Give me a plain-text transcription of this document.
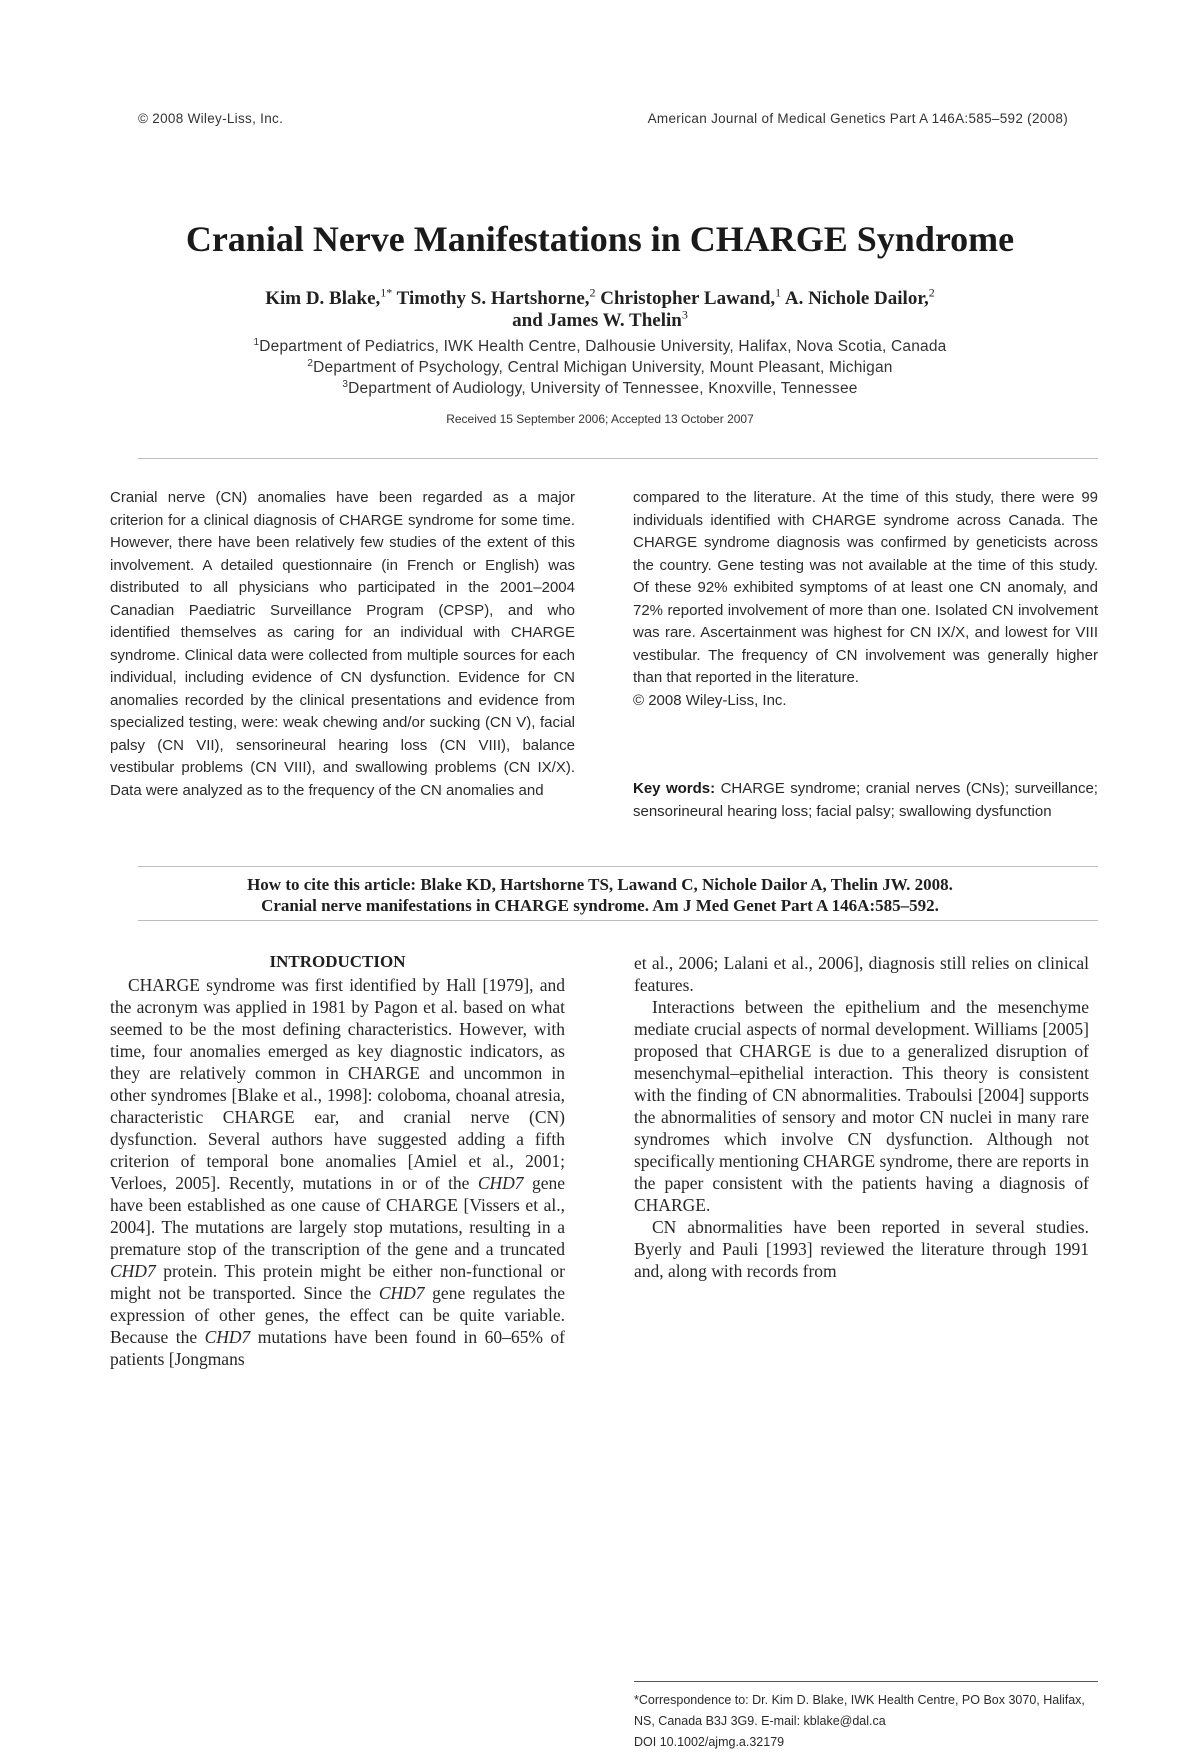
© 2008 Wiley-Liss, Inc.	American Journal of Medical Genetics Part A 146A:585–592 (2008)
Cranial Nerve Manifestations in CHARGE Syndrome
Kim D. Blake,$^{1*}$ Timothy S. Hartshorne,$^2$ Christopher Lawand,$^1$ A. Nichole Dailor,$^2$
and James W. Thelin$^3$
$^1$Department of Pediatrics, IWK Health Centre, Dalhousie University, Halifax, Nova Scotia, Canada
$^2$Department of Psychology, Central Michigan University, Mount Pleasant, Michigan
$^3$Department of Audiology, University of Tennessee, Knoxville, Tennessee
Received 15 September 2006; Accepted 13 October 2007

Cranial nerve (CN) anomalies have been regarded as a major criterion for a clinical diagnosis of CHARGE syndrome for some time. However, there have been relatively few studies of the extent of this involvement. A detailed questionnaire (in French or English) was distributed to all physicians who participated in the 2001–2004 Canadian Paediatric Surveillance Program (CPSP), and who identified themselves as caring for an individual with CHARGE syndrome. Clinical data were collected from multiple sources for each individual, including evidence of CN dysfunction. Evidence for CN anomalies recorded by the clinical presentations and evidence from specialized testing, were: weak chewing and/or sucking (CN V), facial palsy (CN VII), sensorineural hearing loss (CN VIII), balance vestibular problems (CN VIII), and swallowing problems (CN IX/X). Data were analyzed as to the frequency of the CN anomalies and

compared to the literature. At the time of this study, there were 99 individuals identified with CHARGE syndrome across Canada. The CHARGE syndrome diagnosis was confirmed by geneticists across the country. Gene testing was not available at the time of this study. Of these 92% exhibited symptoms of at least one CN anomaly, and 72% reported involvement of more than one. Isolated CN involvement was rare. Ascertainment was highest for CN IX/X, and lowest for VIII vestibular. The frequency of CN involvement was generally higher than that reported in the literature.

© 2008 Wiley-Liss, Inc.

Key words: CHARGE syndrome; cranial nerves (CNs); surveillance; sensorineural hearing loss; facial palsy; swallowing dysfunction
How to cite this article: Blake KD, Hartshorne TS, Lawand C, Nichole Dailor A, Thelin JW. 2008.
Cranial nerve manifestations in CHARGE syndrome. Am J Med Genet Part A 146A:585–592.
INTRODUCTION

CHARGE syndrome was first identified by Hall [1979], and the acronym was applied in 1981 by Pagon et al. based on what seemed to be the most defining characteristics. However, with time, four anomalies emerged as key diagnostic indicators, as they are relatively common in CHARGE and uncommon in other syndromes [Blake et al., 1998]: coloboma, choanal atresia, characteristic CHARGE ear, and cranial nerve (CN) dysfunction. Several authors have suggested adding a fifth criterion of temporal bone anomalies [Amiel et al., 2001; Verloes, 2005]. Recently, mutations in or of the CHD7 gene have been established as one cause of CHARGE [Vissers et al., 2004]. The mutations are largely stop mutations, resulting in a premature stop of the transcription of the gene and a truncated CHD7 protein. This protein might be either non-functional or might not be transported. Since the CHD7 gene regulates the expression of other genes, the effect can be quite variable. Because the CHD7 mutations have been found in 60–65% of patients [Jongmans

et al., 2006; Lalani et al., 2006], diagnosis still relies on clinical features.

Interactions between the epithelium and the mesenchyme mediate crucial aspects of normal development. Williams [2005] proposed that CHARGE is due to a generalized disruption of mesenchymal–epithelial interaction. This theory is consistent with the finding of CN abnormalities. Traboulsi [2004] supports the abnormalities of sensory and motor CN nuclei in many rare syndromes which involve CN dysfunction. Although not specifically mentioning CHARGE syndrome, there are reports in the paper consistent with the patients having a diagnosis of CHARGE.

CN abnormalities have been reported in several studies. Byerly and Pauli [1993] reviewed the literature through 1991 and, along with records from

*Correspondence to: Dr. Kim D. Blake, IWK Health Centre, PO Box 3070, Halifax, NS, Canada B3J 3G9. E-mail: kblake@dal.ca

DOI 10.1002/ajmg.a.32179
